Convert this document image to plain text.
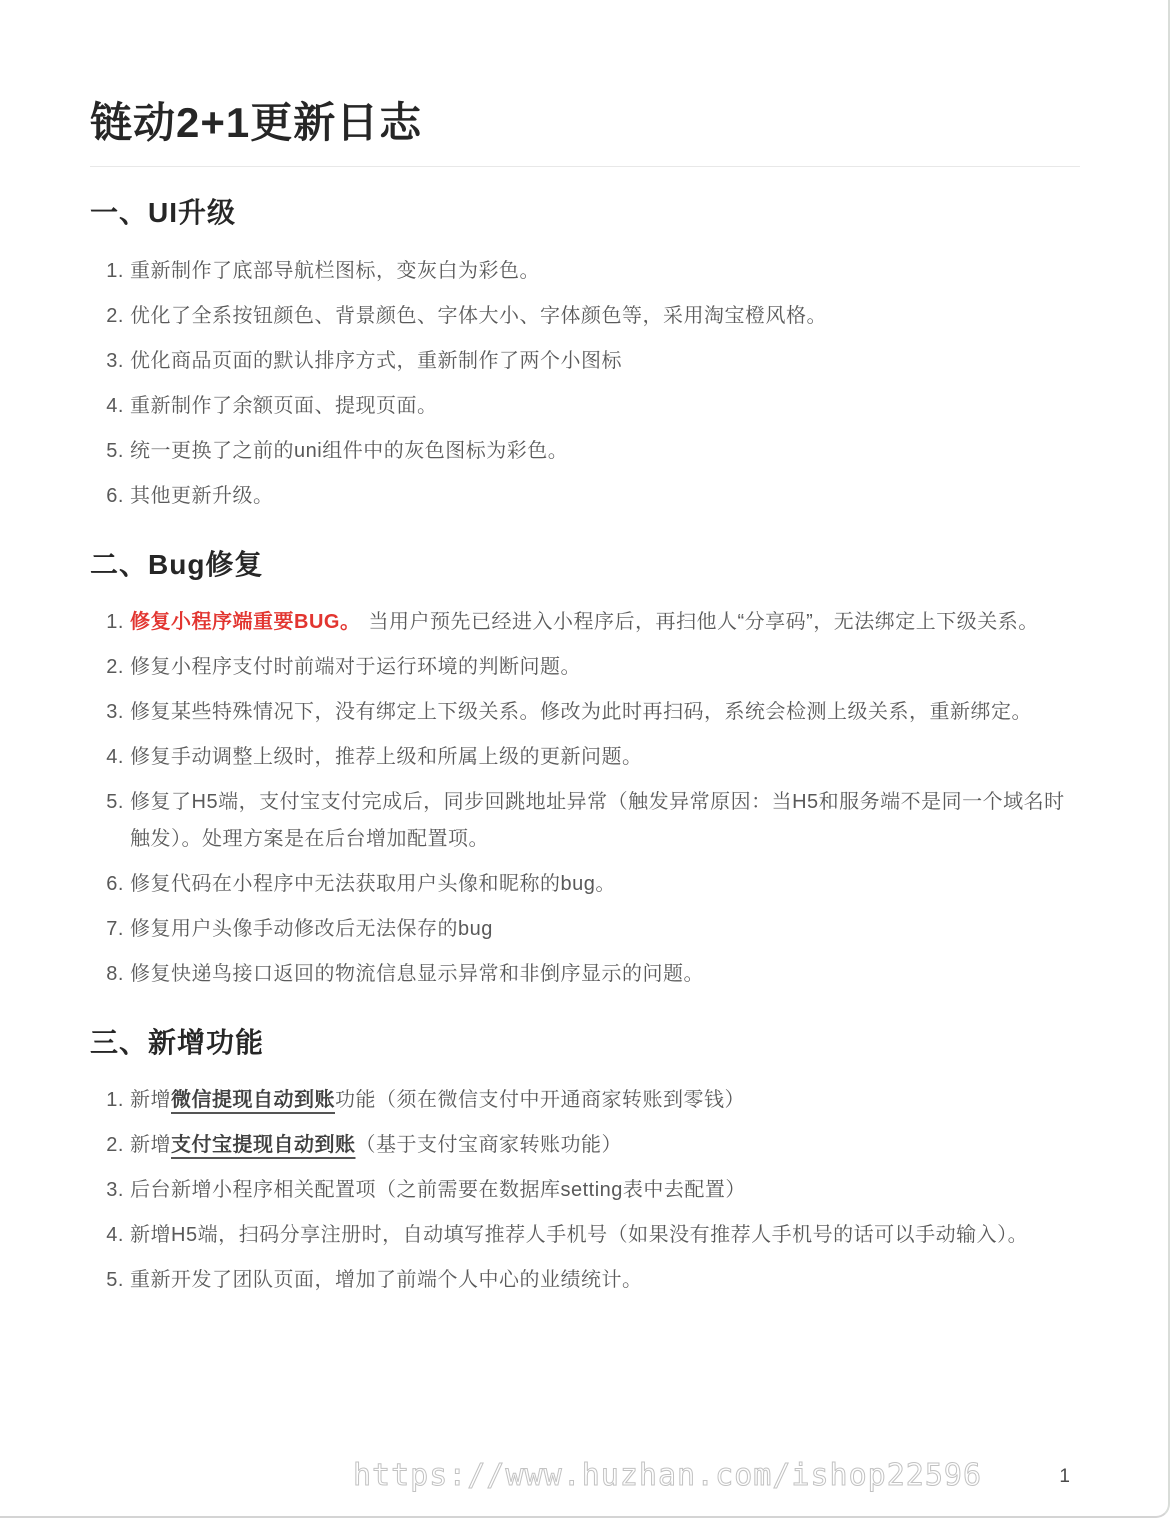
链动2+1更新日志
一、UI升级
1. 重新制作了底部导航栏图标，变灰白为彩色。
2. 优化了全系按钮颜色、背景颜色、字体大小、字体颜色等，采用淘宝橙风格。
3. 优化商品页面的默认排序方式，重新制作了两个小图标
4. 重新制作了余额页面、提现页面。
5. 统一更换了之前的uni组件中的灰色图标为彩色。
6. 其他更新升级。
二、Bug修复
1. 修复小程序端重要BUG。 当用户预先已经进入小程序后，再扫他人“分享码”，无法绑定上下级关系。
2. 修复小程序支付时前端对于运行环境的判断问题。
3. 修复某些特殊情况下，没有绑定上下级关系。修改为此时再扫码，系统会检测上级关系，重新绑定。
4. 修复手动调整上级时，推荐上级和所属上级的更新问题。
5. 修复了H5端，支付宝支付完成后，同步回跳地址异常（触发异常原因：当H5和服务端不是同一个域名时触发）。处理方案是在后台增加配置项。
6. 修复代码在小程序中无法获取用户头像和昵称的bug。
7. 修复用户头像手动修改后无法保存的bug
8. 修复快递鸟接口返回的物流信息显示异常和非倒序显示的问题。
三、新增功能
1. 新增微信提现自动到账功能（须在微信支付中开通商家转账到零钱）
2. 新增支付宝提现自动到账（基于支付宝商家转账功能）
3. 后台新增小程序相关配置项（之前需要在数据库setting表中去配置）
4. 新增H5端，扫码分享注册时，自动填写推荐人手机号（如果没有推荐人手机号的话可以手动输入）。
5. 重新开发了团队页面，增加了前端个人中心的业绩统计。
https://www.huzhan.com/ishop22596	1
